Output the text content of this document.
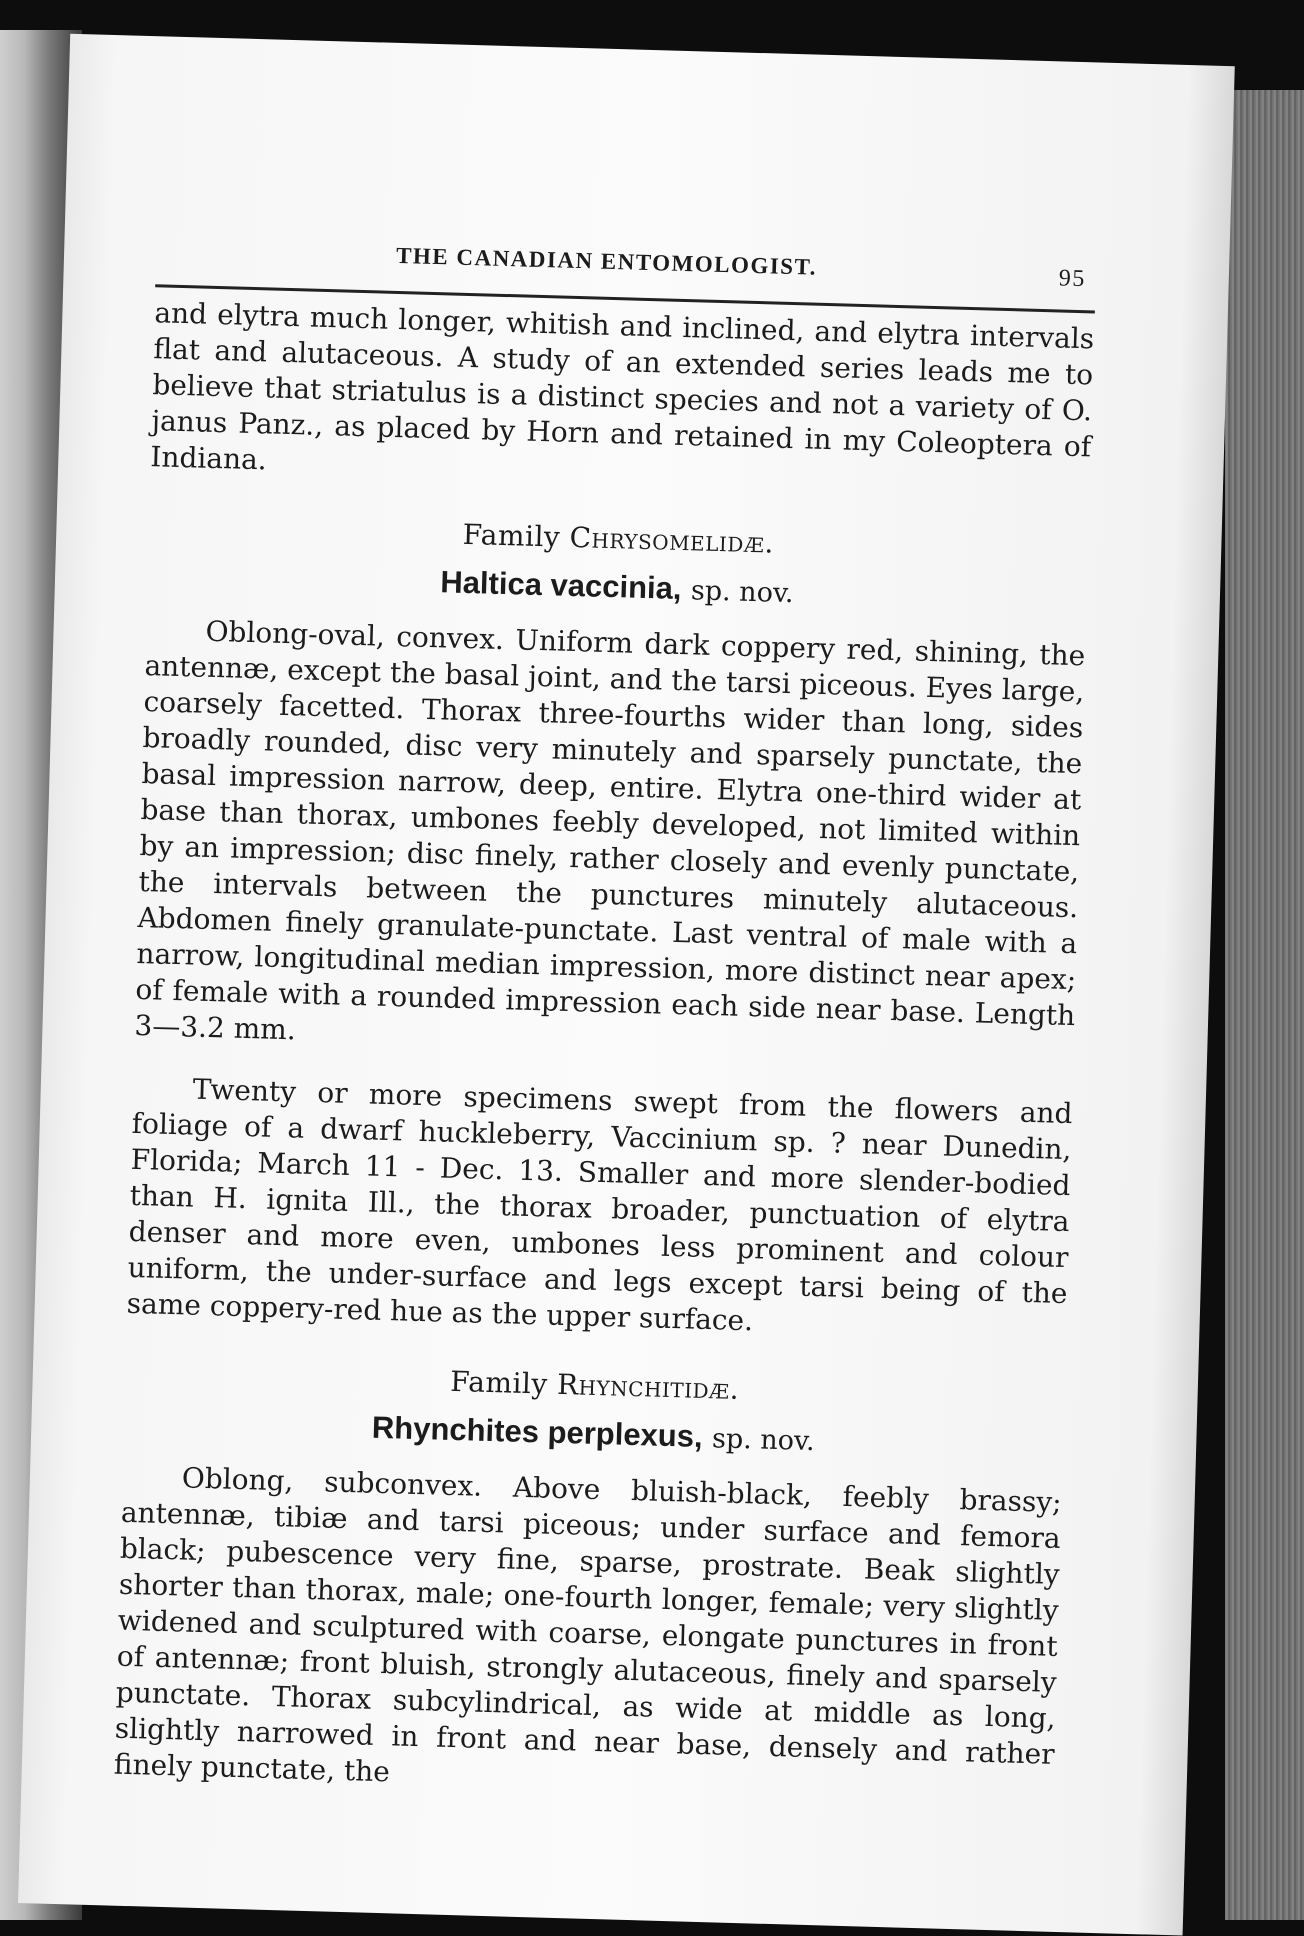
THE CANADIAN ENTOMOLOGIST.	95

and elytra much longer, whitish and inclined, and elytra intervals flat and alutaceous. A study of an extended series leads me to believe that striatulus is a distinct species and not a variety of O. janus Panz., as placed by Horn and retained in my Coleoptera of Indiana.

Family Chrysomelidæ.
Haltica vaccinia, sp. nov.

Oblong-oval, convex. Uniform dark coppery red, shining, the antennæ, except the basal joint, and the tarsi piceous. Eyes large, coarsely facetted. Thorax three-fourths wider than long, sides broadly rounded, disc very minutely and sparsely punctate, the basal impression narrow, deep, entire. Elytra one-third wider at base than thorax, umbones feebly developed, not limited within by an impression; disc finely, rather closely and evenly punctate, the intervals between the punctures minutely alutaceous. Abdomen finely granulate-punctate. Last ventral of male with a narrow, longitudinal median impression, more distinct near apex; of female with a rounded impression each side near base. Length 3—3.2 mm.

Twenty or more specimens swept from the flowers and foliage of a dwarf huckleberry, Vaccinium sp. ? near Dunedin, Florida; March 11 - Dec. 13. Smaller and more slender-bodied than H. ignita Ill., the thorax broader, punctuation of elytra denser and more even, umbones less prominent and colour uniform, the under-surface and legs except tarsi being of the same coppery-red hue as the upper surface.

Family Rhynchitidæ.
Rhynchites perplexus, sp. nov.

Oblong, subconvex. Above bluish-black, feebly brassy; antennæ, tibiæ and tarsi piceous; under surface and femora black; pubescence very fine, sparse, prostrate. Beak slightly shorter than thorax, male; one-fourth longer, female; very slightly widened and sculptured with coarse, elongate punctures in front of antennæ; front bluish, strongly alutaceous, finely and sparsely punctate. Thorax subcylindrical, as wide at middle as long, slightly narrowed in front and near base, densely and rather finely punctate, the
